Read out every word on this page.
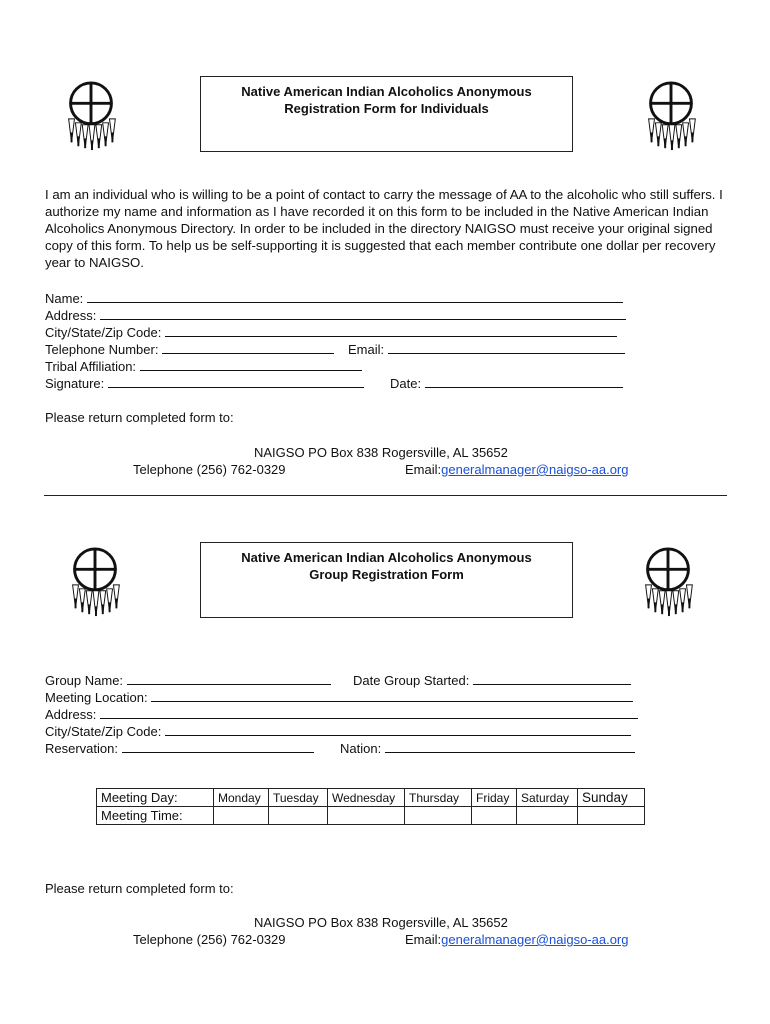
Native American Indian Alcoholics Anonymous
Registration Form for Individuals
I am an individual who is willing to be a point of contact to carry the message of AA to the alcoholic who still suffers. I authorize my name and information as I have recorded it on this form to be included in the Native American Indian Alcoholics Anonymous Directory. In order to be included in the directory NAIGSO must receive your original signed copy of this form. To help us be self-supporting it is suggested that each member contribute one dollar per recovery year to NAIGSO.
Name:
Address:
City/State/Zip Code:
Telephone Number:	Email:
Tribal Affiliation:
Signature:	Date:
Please return completed form to:
NAIGSO PO Box 838 Rogersville, AL 35652
Telephone (256) 762-0329	Email:generalmanager@naigso-aa.org
Native American Indian Alcoholics Anonymous
Group Registration Form
Group Name:	Date Group Started:
Meeting Location:
Address:
City/State/Zip Code:
Reservation:	Nation:
Meeting Day:	Monday	Tuesday	Wednesday	Thursday	Friday	Saturday	Sunday
Meeting Time:							
Please return completed form to:
NAIGSO PO Box 838 Rogersville, AL 35652
Telephone (256) 762-0329	Email:generalmanager@naigso-aa.org
